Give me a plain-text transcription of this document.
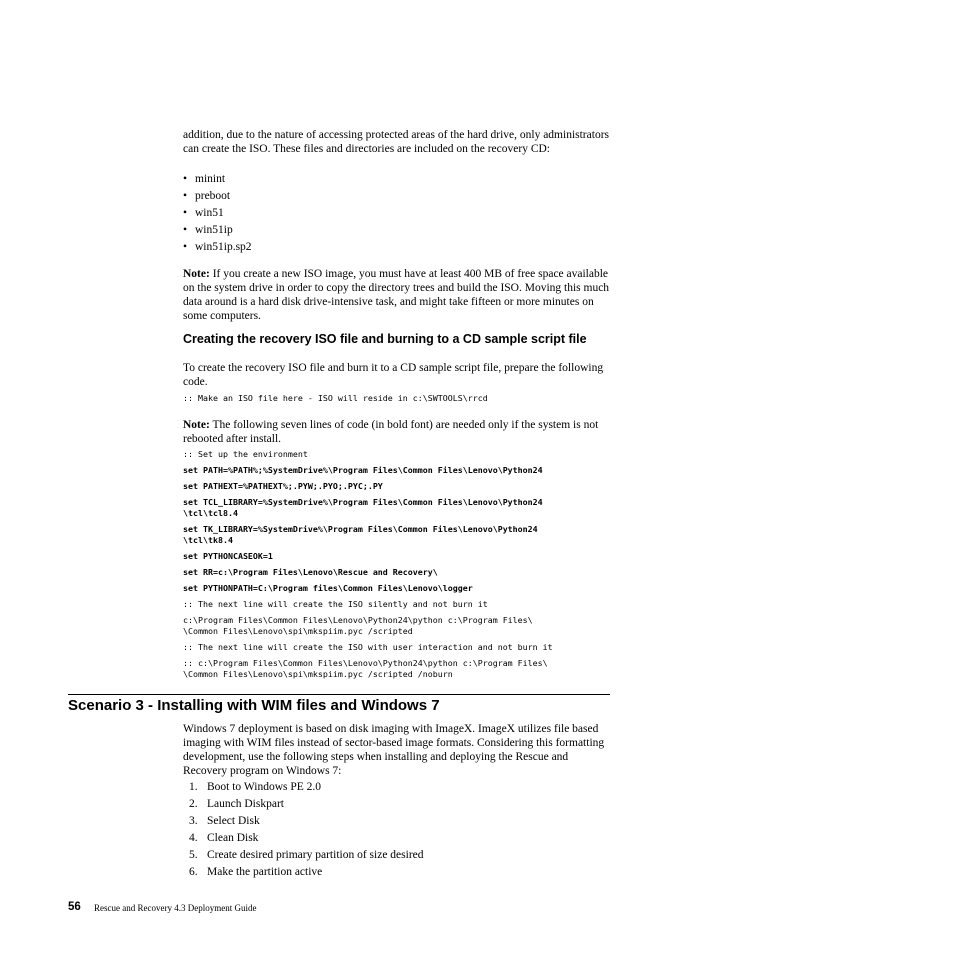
addition, due to the nature of accessing protected areas of the hard drive, only administrators can create the ISO. These files and directories are included on the recovery CD:
• minint
• preboot
• win51
• win51ip
• win51ip.sp2
Note: If you create a new ISO image, you must have at least 400 MB of free space available on the system drive in order to copy the directory trees and build the ISO. Moving this much data around is a hard disk drive-intensive task, and might take fifteen or more minutes on some computers.
Creating the recovery ISO file and burning to a CD sample script file
To create the recovery ISO file and burn it to a CD sample script file, prepare the following code.
:: Make an ISO file here - ISO will reside in c:\SWTOOLS\rrcd
Note: The following seven lines of code (in bold font) are needed only if the system is not rebooted after install.
:: Set up the environment
set PATH=%PATH%;%SystemDrive%\Program Files\Common Files\Lenovo\Python24
set PATHEXT=%PATHEXT%;.PYW;.PYO;.PYC;.PY
set TCL_LIBRARY=%SystemDrive%\Program Files\Common Files\Lenovo\Python24
\tcl\tcl8.4
set TK_LIBRARY=%SystemDrive%\Program Files\Common Files\Lenovo\Python24
\tcl\tk8.4
set PYTHONCASEOK=1
set RR=c:\Program Files\Lenovo\Rescue and Recovery\
set PYTHONPATH=C:\Program files\Common Files\Lenovo\logger
:: The next line will create the ISO silently and not burn it
c:\Program Files\Common Files\Lenovo\Python24\python c:\Program Files\
\Common Files\Lenovo\spi\mkspiim.pyc /scripted
:: The next line will create the ISO with user interaction and not burn it
:: c:\Program Files\Common Files\Lenovo\Python24\python c:\Program Files\
\Common Files\Lenovo\spi\mkspiim.pyc /scripted /noburn
Scenario 3 - Installing with WIM files and Windows 7
Windows 7 deployment is based on disk imaging with ImageX. ImageX utilizes file based imaging with WIM files instead of sector-based image formats. Considering this formatting development, use the following steps when installing and deploying the Rescue and Recovery program on Windows 7:
1. Boot to Windows PE 2.0
2. Launch Diskpart
3. Select Disk
4. Clean Disk
5. Create desired primary partition of size desired
6. Make the partition active
56 Rescue and Recovery 4.3 Deployment Guide
